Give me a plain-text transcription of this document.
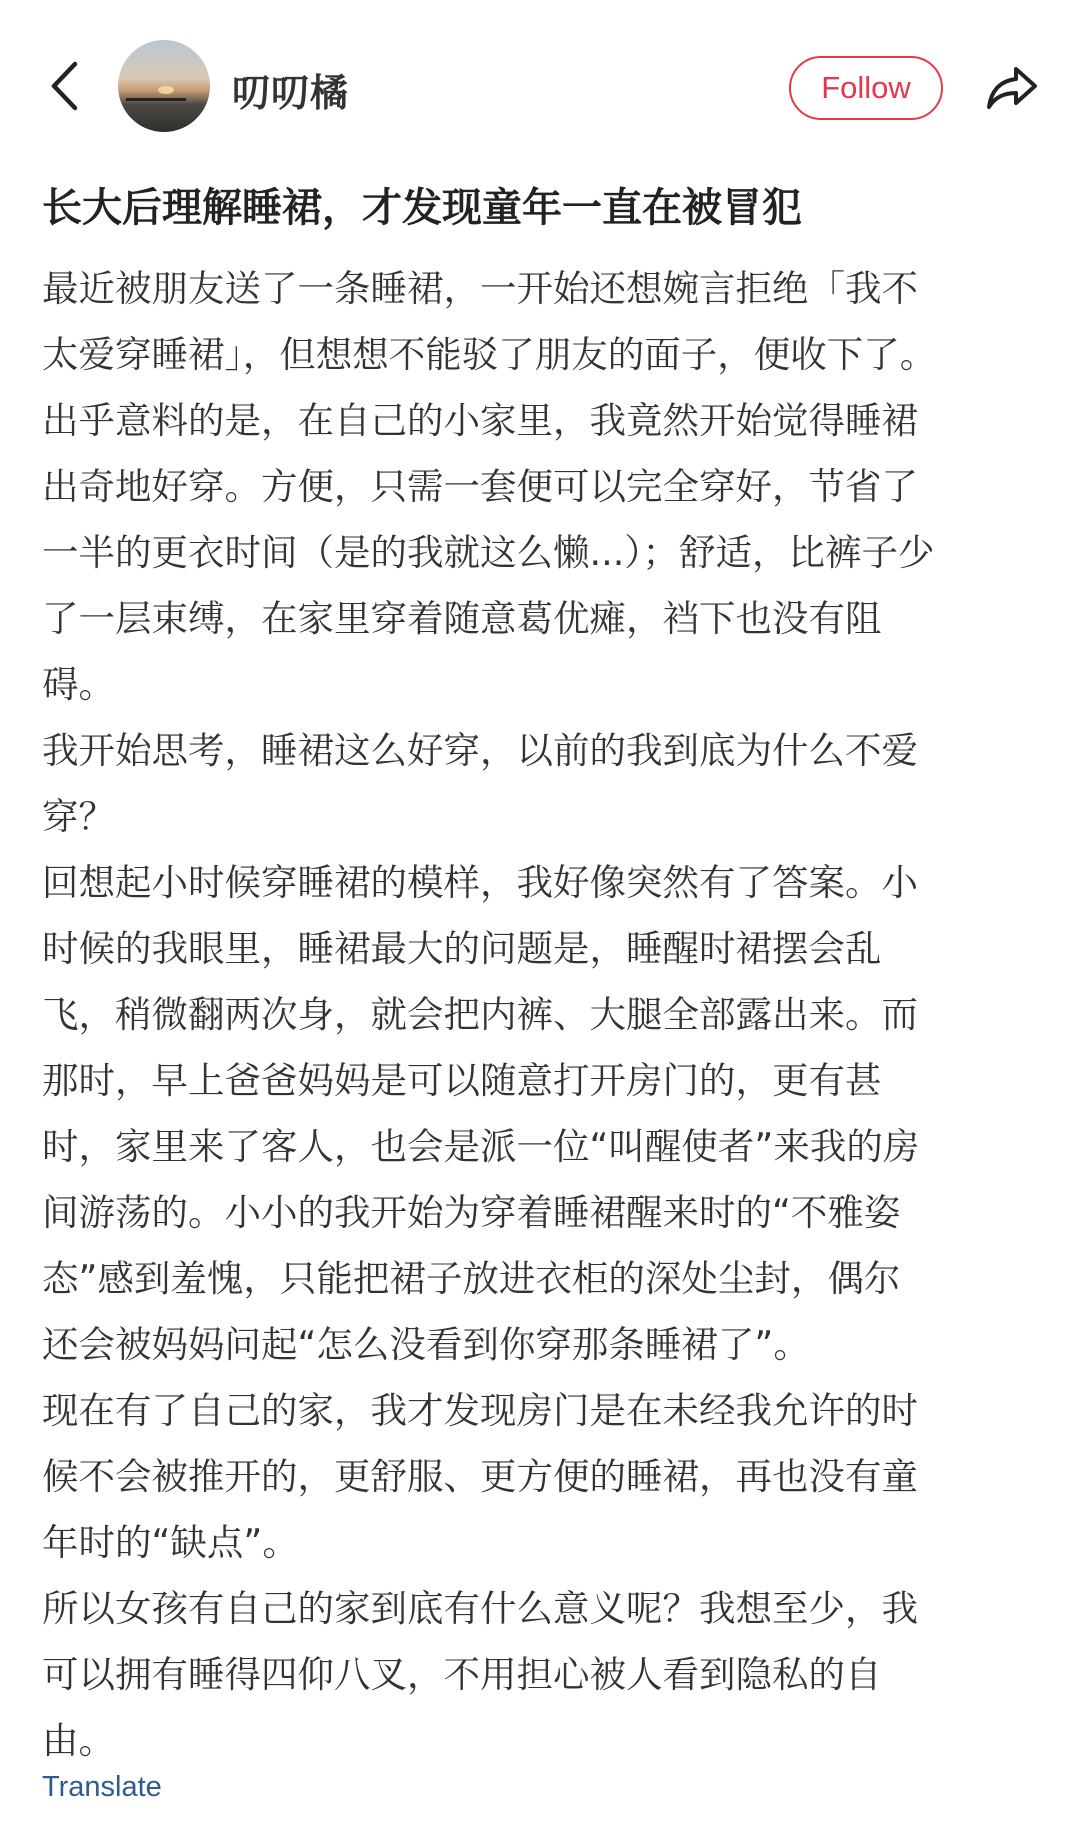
叨叨橘	Follow
长大后理解睡裙，才发现童年一直在被冒犯
最近被朋友送了一条睡裙，一开始还想婉言拒绝「我不
太爱穿睡裙」，但想想不能驳了朋友的面子，便收下了。
出乎意料的是，在自己的小家里，我竟然开始觉得睡裙
出奇地好穿。方便，只需一套便可以完全穿好，节省了
一半的更衣时间（是的我就这么懒...）；舒适，比裤子少
了一层束缚，在家里穿着随意葛优瘫，裆下也没有阻
碍。
我开始思考，睡裙这么好穿，以前的我到底为什么不爱
穿？
回想起小时候穿睡裙的模样，我好像突然有了答案。小
时候的我眼里，睡裙最大的问题是，睡醒时裙摆会乱
飞，稍微翻两次身，就会把内裤、大腿全部露出来。而
那时，早上爸爸妈妈是可以随意打开房门的，更有甚
时，家里来了客人，也会是派一位“叫醒使者”来我的房
间游荡的。小小的我开始为穿着睡裙醒来时的“不雅姿
态”感到羞愧，只能把裙子放进衣柜的深处尘封，偶尔
还会被妈妈问起“怎么没看到你穿那条睡裙了”。
现在有了自己的家，我才发现房门是在未经我允许的时
候不会被推开的，更舒服、更方便的睡裙，再也没有童
年时的“缺点”。
所以女孩有自己的家到底有什么意义呢？我想至少，我
可以拥有睡得四仰八叉，不用担心被人看到隐私的自
由。
Translate
